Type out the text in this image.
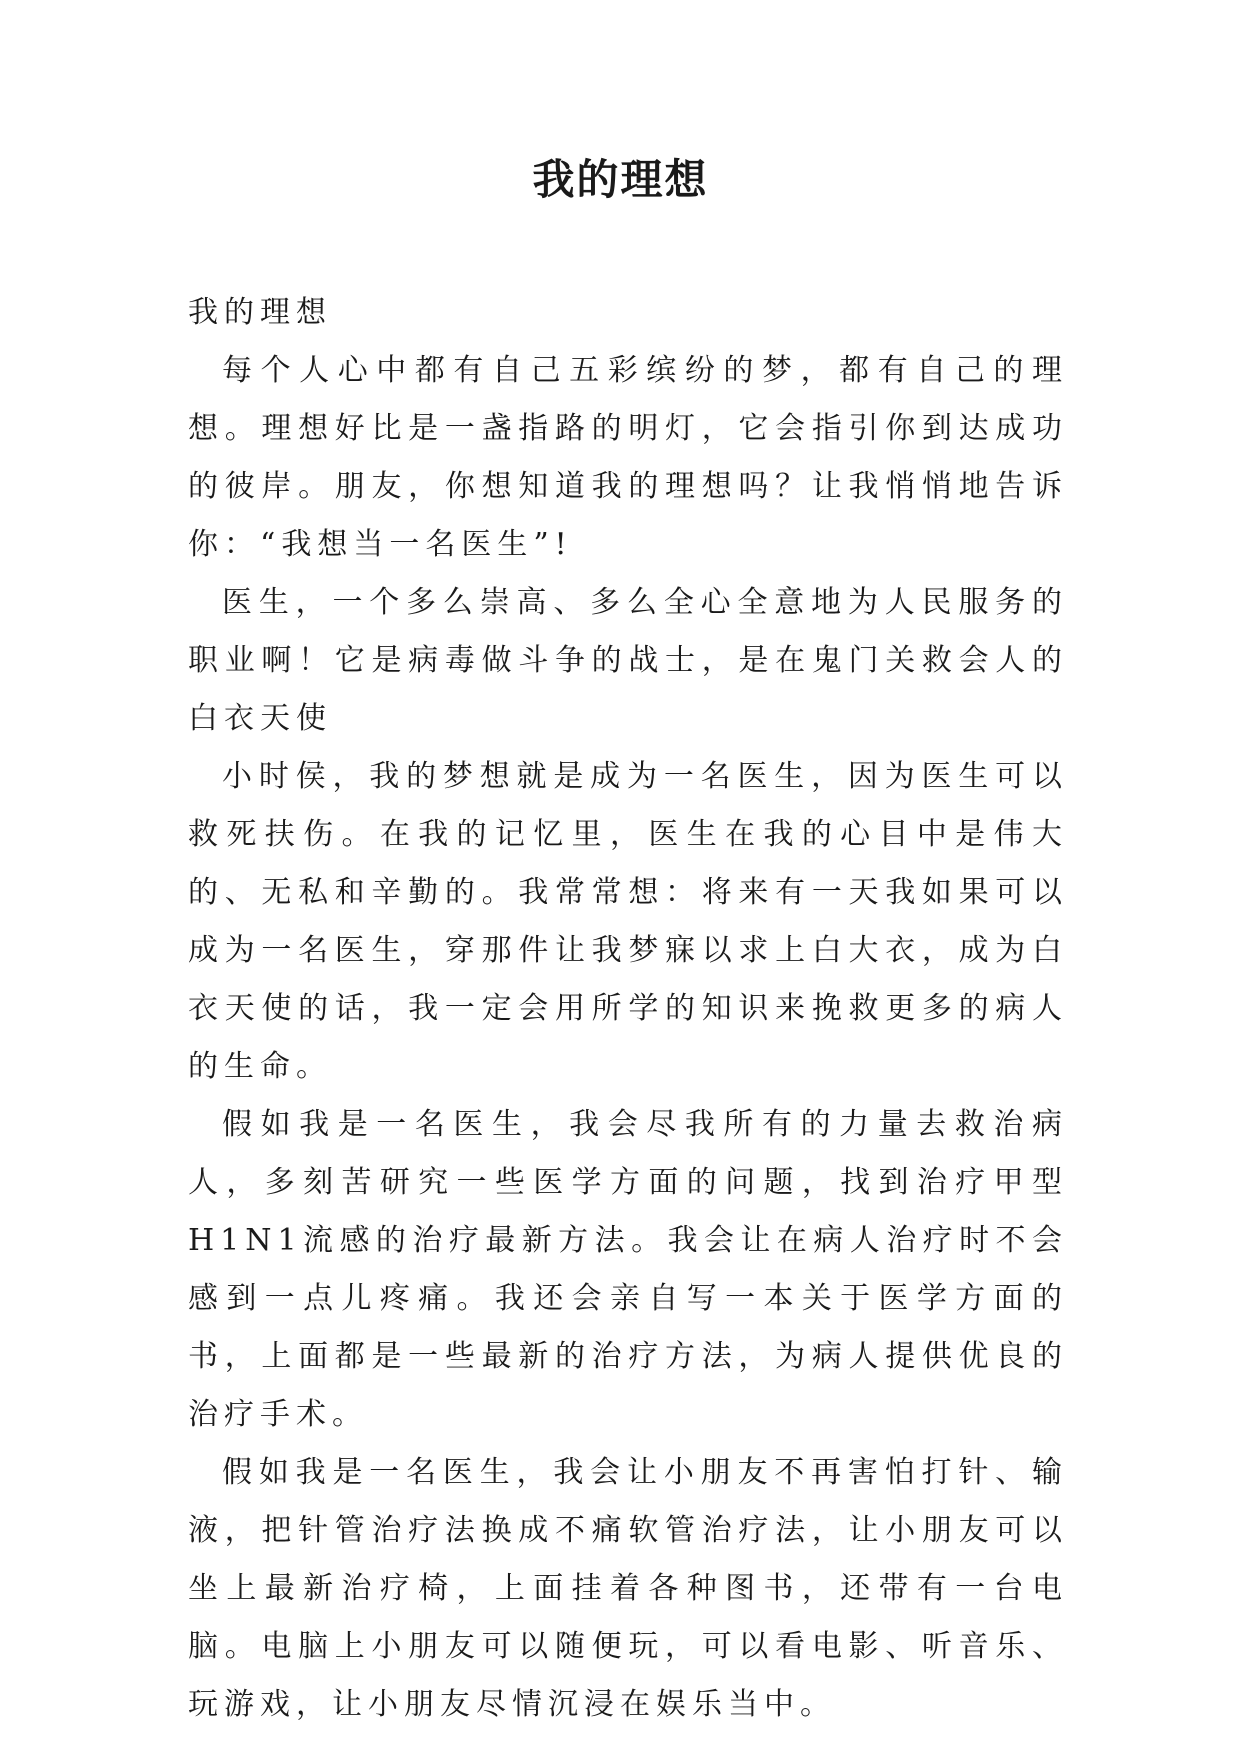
我的理想

我的理想

每个人心中都有自己五彩缤纷的梦，都有自己的理想。理想好比是一盏指路的明灯，它会指引你到达成功的彼岸。朋友，你想知道我的理想吗？让我悄悄地告诉你：“我想当一名医生”!

医生，一个多么崇高、多么全心全意地为人民服务的职业啊！它是病毒做斗争的战士，是在鬼门关救会人的白衣天使

小时侯，我的梦想就是成为一名医生，因为医生可以救死扶伤。在我的记忆里，医生在我的心目中是伟大的、无私和辛勤的。我常常想：将来有一天我如果可以成为一名医生，穿那件让我梦寐以求上白大衣，成为白衣天使的话，我一定会用所学的知识来挽救更多的病人的生命。

假如我是一名医生，我会尽我所有的力量去救治病人，多刻苦研究一些医学方面的问题，找到治疗甲型H1N1流感的治疗最新方法。我会让在病人治疗时不会感到一点儿疼痛。我还会亲自写一本关于医学方面的书，上面都是一些最新的治疗方法，为病人提供优良的治疗手术。

假如我是一名医生，我会让小朋友不再害怕打针、输液，把针管治疗法换成不痛软管治疗法，让小朋友可以坐上最新治疗椅，上面挂着各种图书，还带有一台电脑。电脑上小朋友可以随便玩，可以看电影、听音乐、玩游戏，让小朋友尽情沉浸在娱乐当中。
